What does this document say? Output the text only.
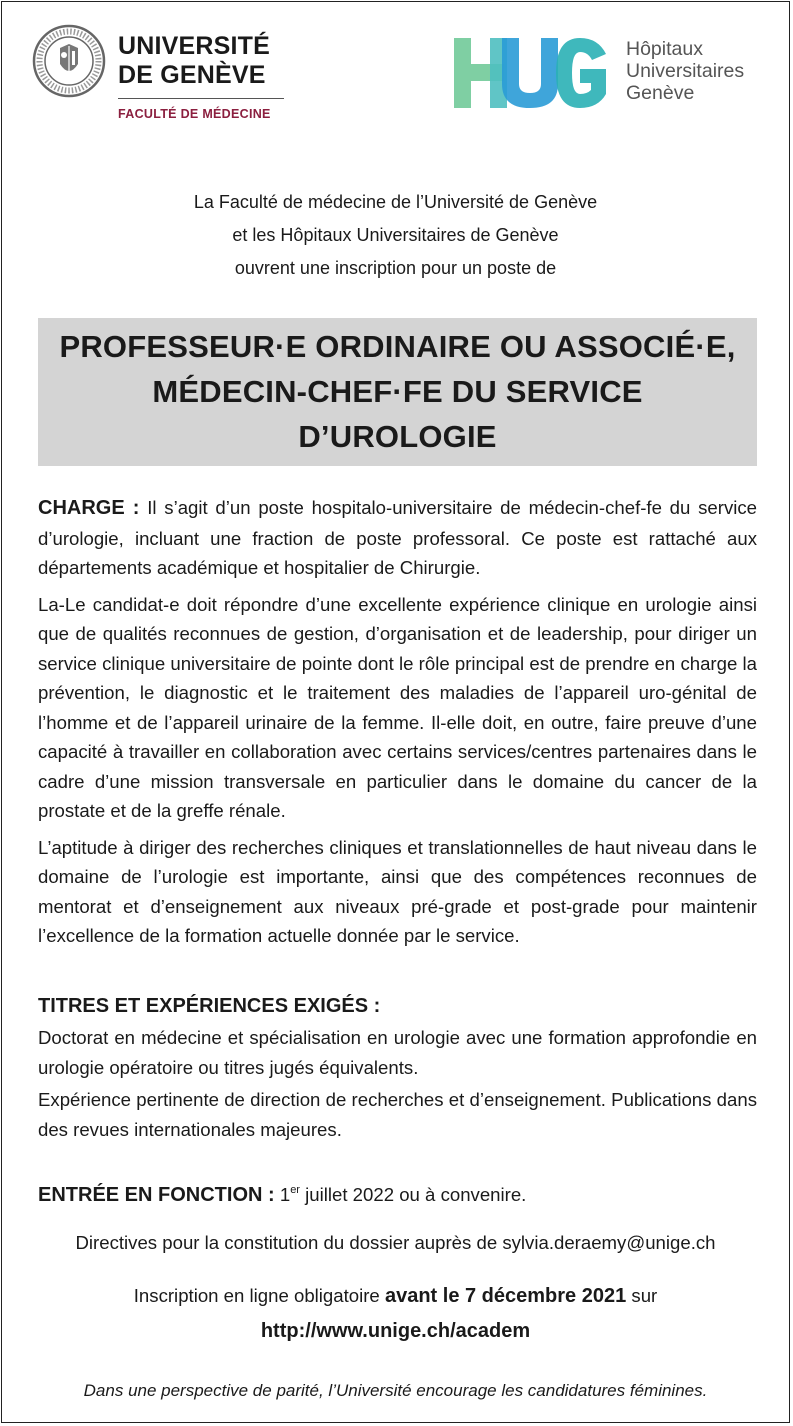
UNIVERSITÉ
DE GENÈVE
FACULTÉ DE MÉDECINE
Hôpitaux
Universitaires
Genève
La Faculté de médecine de l’Université de Genève
et les Hôpitaux Universitaires de Genève
ouvrent une inscription pour un poste de
PROFESSEUR·E ORDINAIRE OU ASSOCIÉ·E,
MÉDECIN-CHEF·FE DU SERVICE
D’UROLOGIE

CHARGE : Il s’agit d’un poste hospitalo-universitaire de médecin-chef-fe du service d’urologie, incluant une fraction de poste professoral. Ce poste est rattaché aux départements académique et hospitalier de Chirurgie.

La-Le candidat-e doit répondre d’une excellente expérience clinique en urologie ainsi que de qualités reconnues de gestion, d’organisation et de leadership, pour diriger un service clinique universitaire de pointe dont le rôle principal est de prendre en charge la prévention, le diagnostic et le traitement des maladies de l’appareil uro-génital de l’homme et de l’appareil urinaire de la femme. Il-elle doit, en outre, faire preuve d’une capacité à travailler en collaboration avec certains services/centres partenaires dans le cadre d’une mission transversale en particulier dans le domaine du cancer de la prostate et de la greffe rénale.

L’aptitude à diriger des recherches cliniques et translationnelles de haut niveau dans le domaine de l’urologie est importante, ainsi que des compétences reconnues de mentorat et d’enseignement aux niveaux pré-grade et post-grade pour maintenir l’excellence de la formation actuelle donnée par le service.

TITRES ET EXPÉRIENCES EXIGÉS :

Doctorat en médecine et spécialisation en urologie avec une formation approfondie en urologie opératoire ou titres jugés équivalents.

Expérience pertinente de direction de recherches et d’enseignement. Publications dans des revues internationales majeures.

ENTRÉE EN FONCTION : 1er juillet 2022 ou à convenire.
Directives pour la constitution du dossier auprès de sylvia.deraemy@unige.ch
Inscription en ligne obligatoire avant le 7 décembre 2021 sur
http://www.unige.ch/academ
Dans une perspective de parité, l’Université encourage les candidatures féminines.
